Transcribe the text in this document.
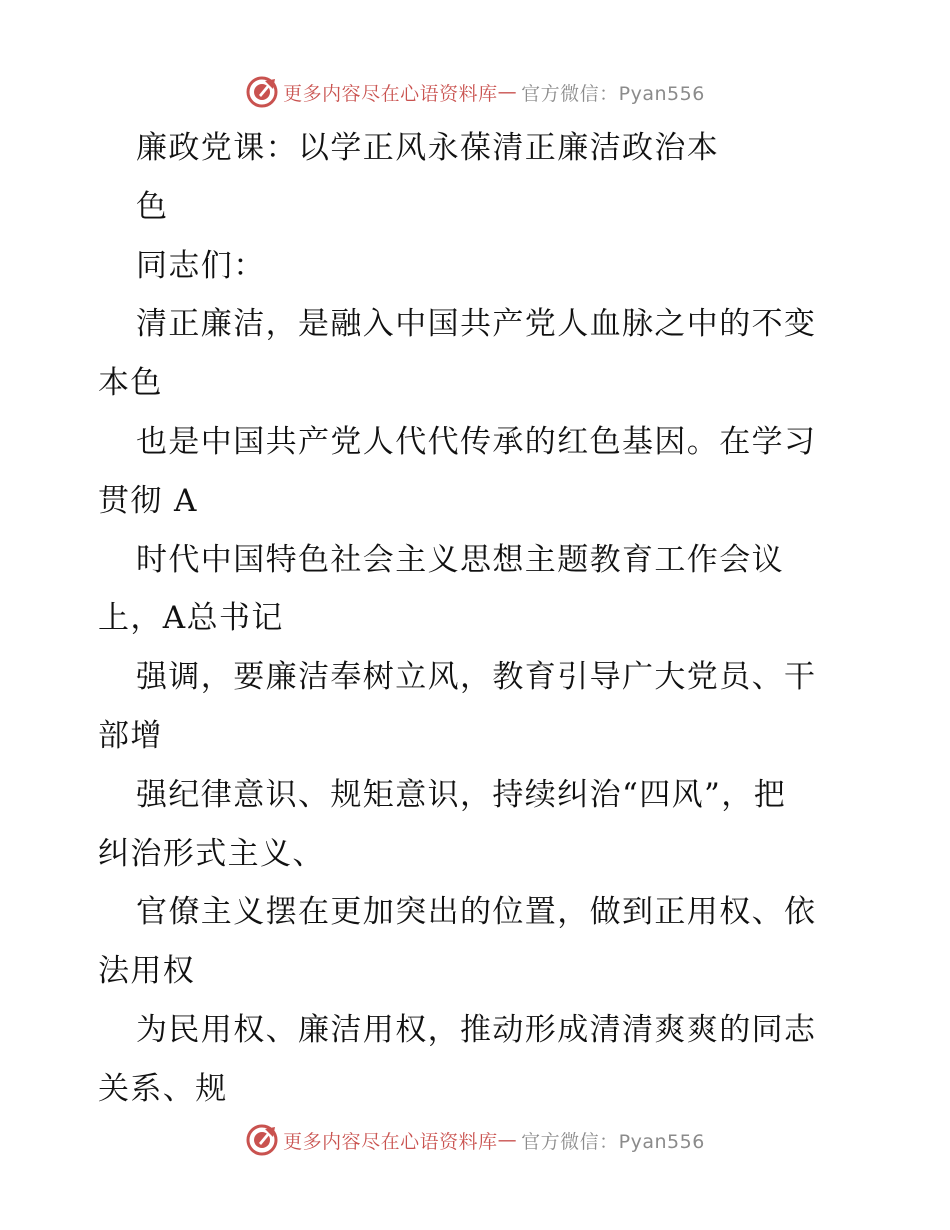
更多内容尽在心语资料库 — 官方微信：Pyan556
廉政党课：以学正风永葆清正廉洁政治本
色
同志们：
清正廉洁，是融入中国共产党人血脉之中的不变
本色
也是中国共产党人代代传承的红色基因。在学习
贯彻 A
时代中国特色社会主义思想主题教育工作会议
上，A总书记
强调，要廉洁奉树立风，教育引导广大党员、干
部增
强纪律意识、规矩意识，持续纠治“四风”，把
纠治形式主义、
官僚主义摆在更加突出的位置，做到正用权、依
法用权
为民用权、廉洁用权，推动形成清清爽爽的同志
关系、规
更多内容尽在心语资料库 — 官方微信：Pyan556
